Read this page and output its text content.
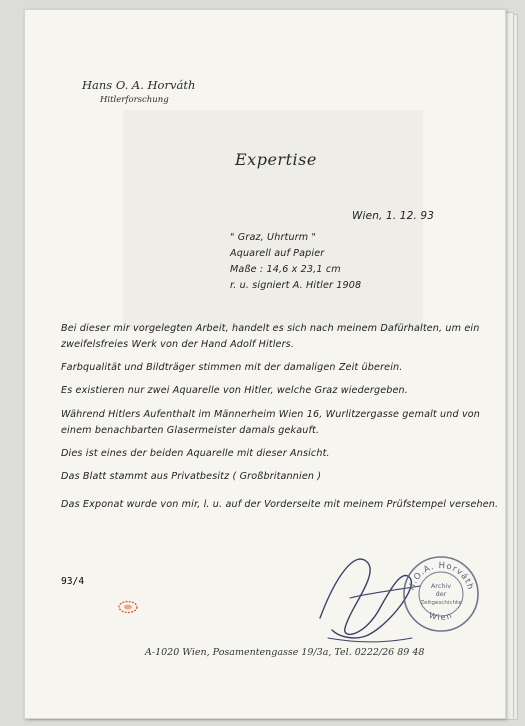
Hans O. A. Horváth
Hitlerforschung
Expertise
Wien, 1. 12. 93
" Graz, Uhrturm "
Aquarell auf Papier
Maße : 14,6 x 23,1 cm
r. u. signiert A. Hitler 1908
Bei dieser mir vorgelegten Arbeit, handelt es sich nach meinem Dafürhalten, um ein zweifelsfreies Werk von der Hand Adolf Hitlers.
Farbqualität und Bildträger stimmen mit der damaligen Zeit überein.
Es existieren nur zwei Aquarelle von Hitler, welche Graz wiedergeben.
Während Hitlers Aufenthalt im Männerheim Wien 16, Wurlitzergasse gemalt und von einem benachbarten Glasermeister damals gekauft.
Dies ist eines der beiden Aquarelle mit dieser Ansicht.
Das Blatt stammt aus Privatbesitz ( Großbritannien )
Das Exponat wurde von mir, l. u. auf der Vorderseite mit meinem Prüfstempel versehen.
93/4	H.O.A. Horváth
Wien
Archiv
der
Zeitgeschichte
A-1020 Wien, Posamentengasse 19/3a, Tel. 0222/26 89 48
